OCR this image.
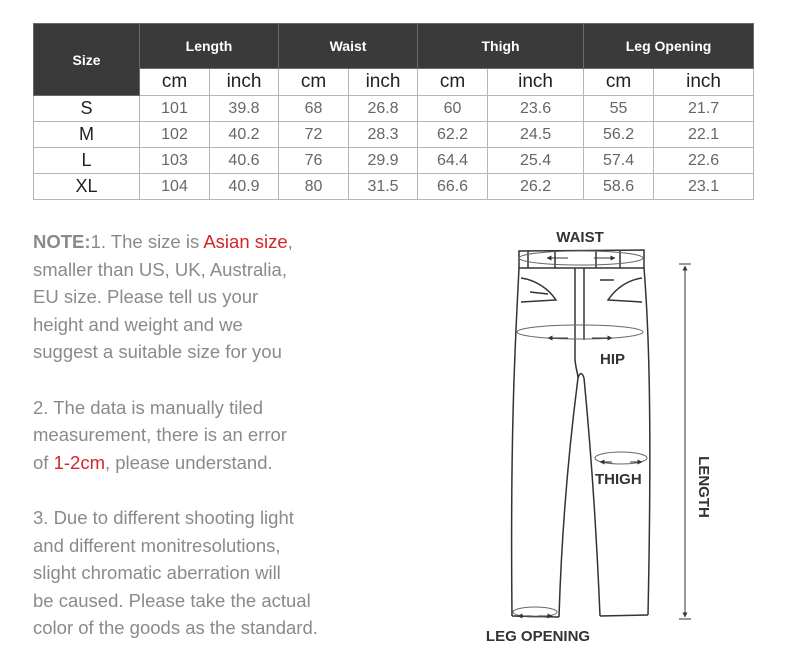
Size	Length		Waist		Thigh		Leg Opening	
	cm	inch	cm	inch	cm	inch	cm	inch
S	101	39.8	68	26.8	60	23.6	55	21.7
M	102	40.2	72	28.3	62.2	24.5	56.2	22.1
L	103	40.6	76	29.9	64.4	25.4	57.4	22.6
XL	104	40.9	80	31.5	66.6	26.2	58.6	23.1

NOTE:1. The size is Asian size,

smaller than US, UK, Australia,

EU size. Please tell us your

height and weight and we

suggest a suitable size for you

2. The data is manually tiled

measurement, there is an error

of 1-2cm, please understand.

3. Due to different shooting light

and different monitresolutions,

slight chromatic aberration will

be caused. Please take the actual

color of the goods as the standard.

WAIST
HIP
THIGH
LEG OPENING
LENGTH
